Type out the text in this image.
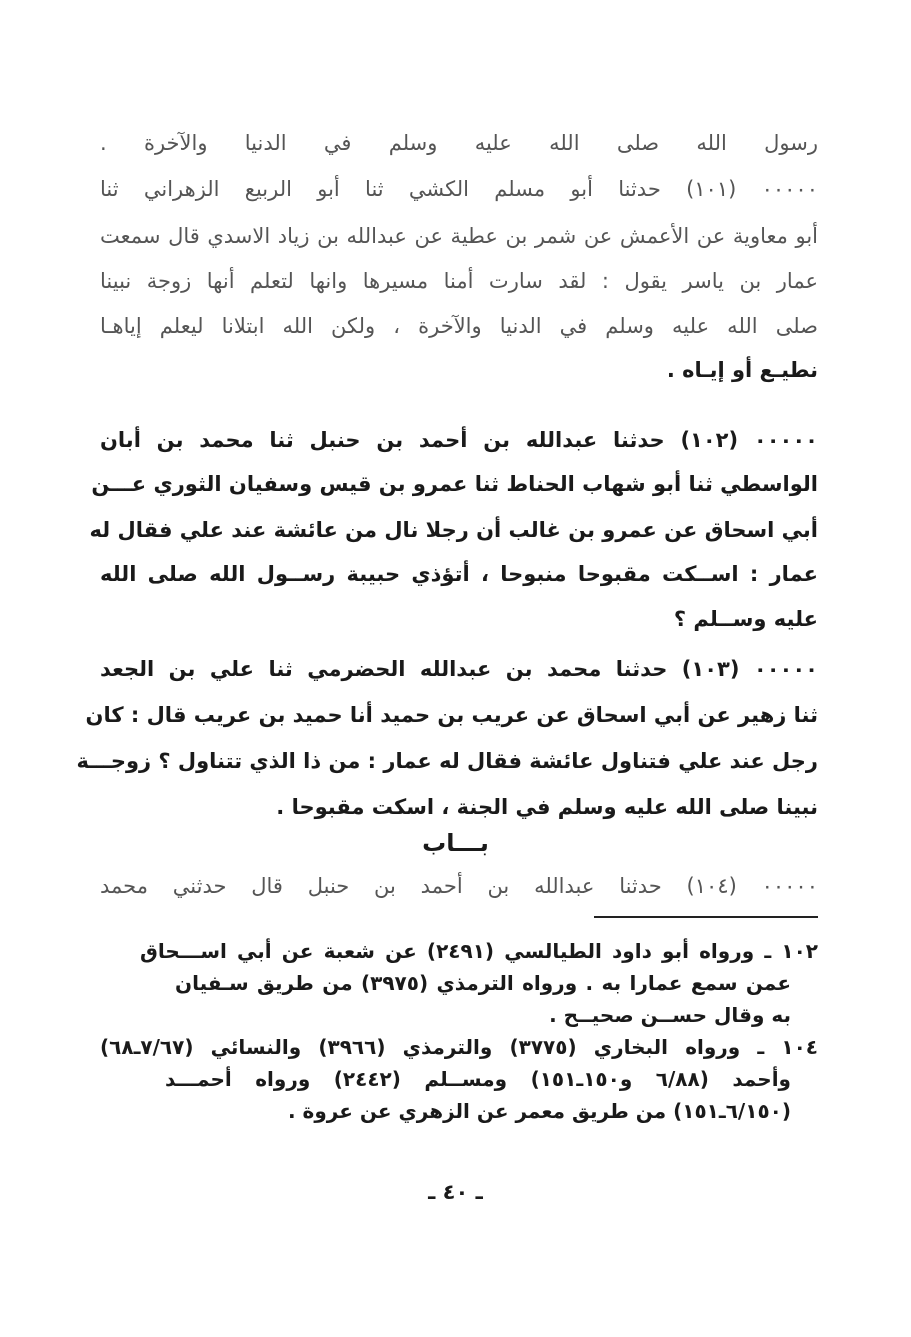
رسول الله صلى الله عليه وسلم في الدنيا والآخرة .
٠٠٠٠٠ (١٠١) حدثنا أبو مسلم الكشي ثنا أبو الربيع الزهراني ثنا
أبو معاوية عن الأعمش عن شمر بن عطية عن عبدالله بن زياد الاسدي قال سمعت
عمار بن ياسر يقول : لقد سارت أمنا مسيرها وانها لتعلم أنها زوجة نبينا
صلى الله عليه وسلم في الدنيا والآخرة ، ولكن الله ابتلانا ليعلم إياهـا
نطيـع أو إيـاه .
٠٠٠٠٠ (١٠٢) حدثنا عبدالله بن أحمد بن حنبل ثنا محمد بن أبان
الواسطي ثنا أبو شهاب الحناط ثنا عمرو بن قيس وسفيان الثوري عـــن
أبي اسحاق عن عمرو بن غالب أن رجلا نال من عائشة عند علي فقال له
عمار : اســكت مقبوحا منبوحا ، أتؤذي حبيبة رســول الله صلى الله
عليه وســلم ؟
٠٠٠٠٠ (١٠٣) حدثنا محمد بن عبدالله الحضرمي ثنا علي بن الجعد
ثنا زهير عن أبي اسحاق عن عريب بن حميد أنا حميد بن عريب قال : كان
رجل عند علي فتناول عائشة فقال له عمار : من ذا الذي تتناول ؟ زوجـــة
نبينا صلى الله عليه وسلم في الجنة ، اسكت مقبوحا .
بـــاب
٠٠٠٠٠ (١٠٤) حدثنا عبدالله بن أحمد بن حنبل قال حدثني محمد
١٠٢ ـ ورواه أبو داود الطيالسي (٢٤٩١) عن شعبة عن أبي اســـحاق
عمن سمع عمارا به . ورواه الترمذي (٣٩٧٥) من طريق سـفيان
به وقال حســن صحيــح .
١٠٤ ـ ورواه البخاري (٣٧٧٥) والترمذي (٣٩٦٦) والنسائي (٧/٦٧ـ٦٨)
وأحمد (٦/٨٨ و١٥٠ـ١٥١) ومســلم (٢٤٤٢) ورواه أحمـــد
(٦/١٥٠ـ١٥١) من طريق معمر عن الزهري عن عروة .
ـ ٤٠ ـ
